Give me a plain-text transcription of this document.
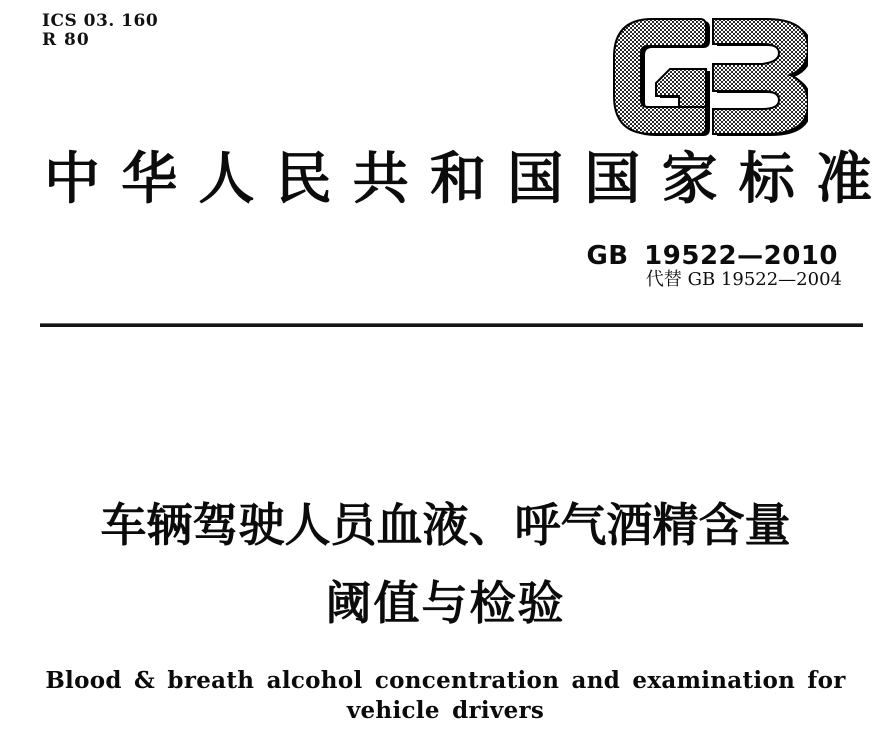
ICS 03. 160
R 80
中华人民共和国国家标准
GB 19522—2010
代替 GB 19522—2004
车辆驾驶人员血液、呼气酒精含量
阈值与检验
Blood & breath alcohol concentration and examination for vehicle drivers
